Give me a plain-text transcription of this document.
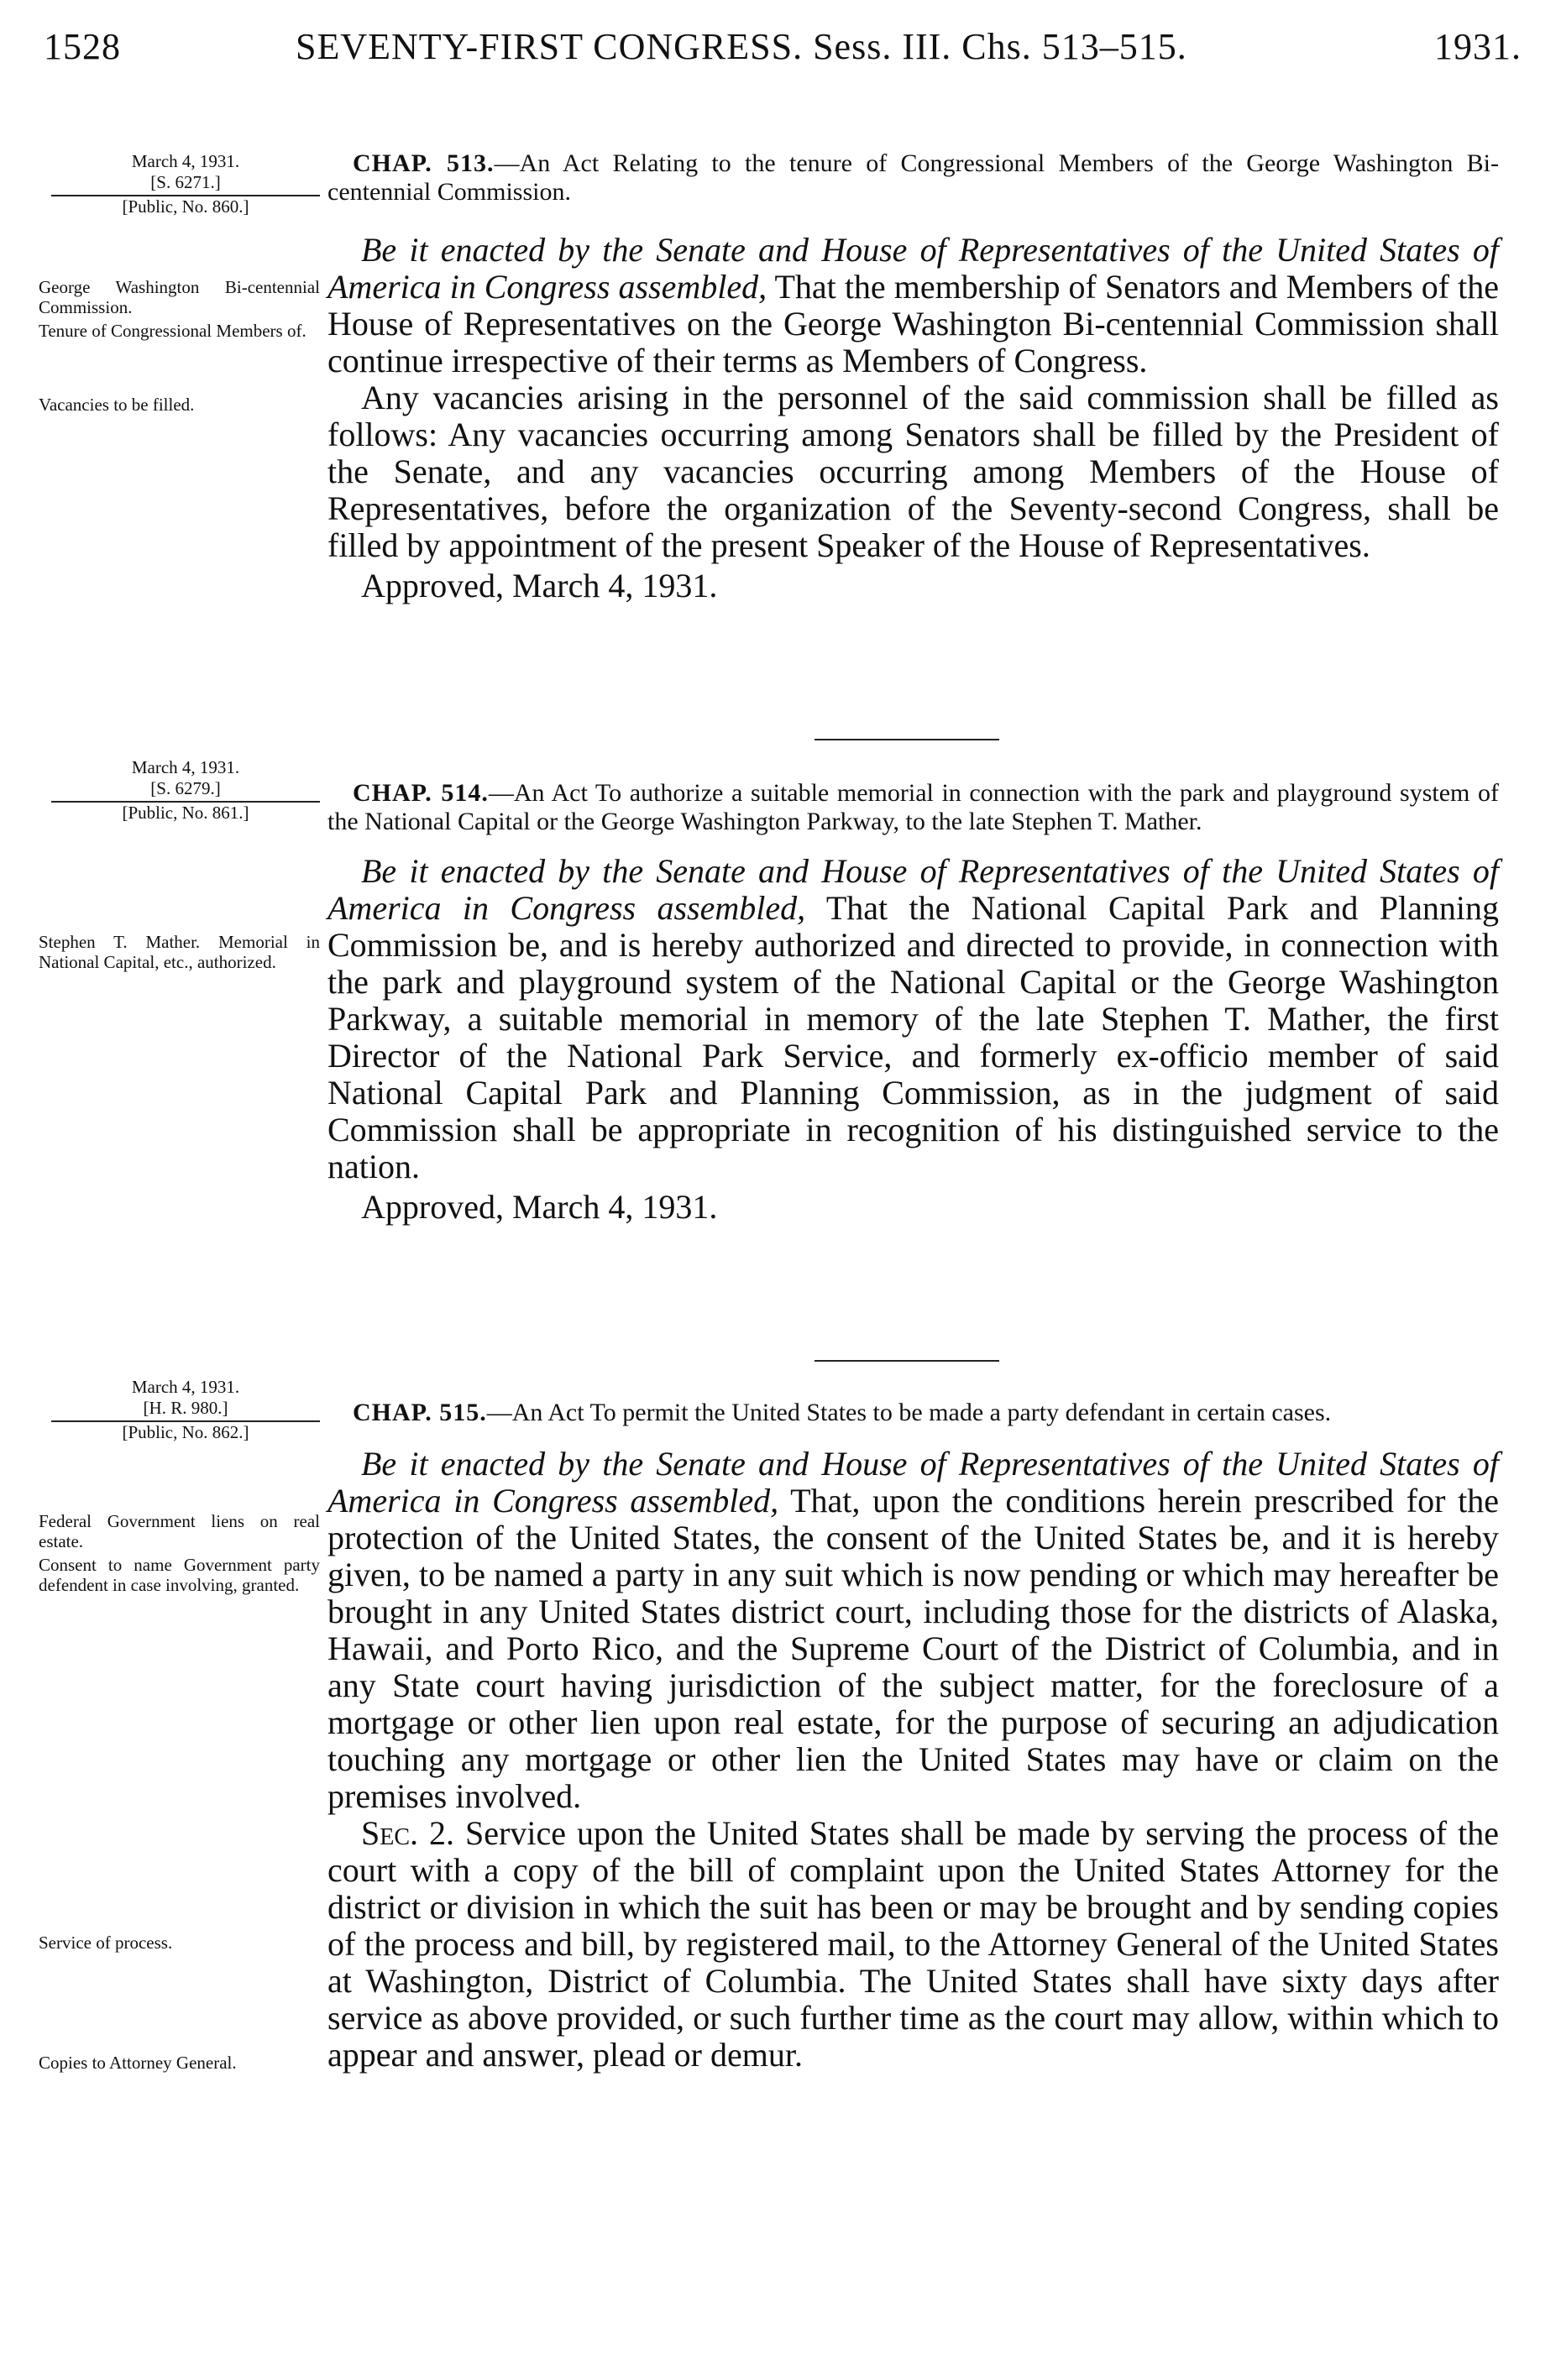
1528	SEVENTY-FIRST CONGRESS. Sess. III. Chs. 513–515.	1931.
March 4, 1931.
[S. 6271.]
[Public, No. 860.]
George Washington Bi-centennial Commission.
Tenure of Congressional Members of.
Vacancies to be filled.
CHAP. 513.—An Act Relating to the tenure of Congressional Members of the George Washington Bi-centennial Commission.

Be it enacted by the Senate and House of Representatives of the United States of America in Congress assembled, That the membership of Senators and Members of the House of Representatives on the George Washington Bi-centennial Commission shall continue irrespective of their terms as Members of Congress.

Any vacancies arising in the personnel of the said commission shall be filled as follows: Any vacancies occurring among Senators shall be filled by the President of the Senate, and any vacancies occurring among Members of the House of Representatives, before the organization of the Seventy-second Congress, shall be filled by appointment of the present Speaker of the House of Representatives.

Approved, March 4, 1931.
March 4, 1931.
[S. 6279.]
[Public, No. 861.]
Stephen T. Mather. Memorial in National Capital, etc., authorized.
CHAP. 514.—An Act To authorize a suitable memorial in connection with the park and playground system of the National Capital or the George Washington Parkway, to the late Stephen T. Mather.

Be it enacted by the Senate and House of Representatives of the United States of America in Congress assembled, That the National Capital Park and Planning Commission be, and is hereby authorized and directed to provide, in connection with the park and playground system of the National Capital or the George Washington Parkway, a suitable memorial in memory of the late Stephen T. Mather, the first Director of the National Park Service, and formerly ex-officio member of said National Capital Park and Planning Commission, as in the judgment of said Commission shall be appropriate in recognition of his distinguished service to the nation.

Approved, March 4, 1931.
March 4, 1931.
[H. R. 980.]
[Public, No. 862.]
Federal Government liens on real estate.
Consent to name Government party defendent in case involving, granted.
Service of process.
Copies to Attorney General.
CHAP. 515.—An Act To permit the United States to be made a party defendant in certain cases.

Be it enacted by the Senate and House of Representatives of the United States of America in Congress assembled, That, upon the conditions herein prescribed for the protection of the United States, the consent of the United States be, and it is hereby given, to be named a party in any suit which is now pending or which may hereafter be brought in any United States district court, including those for the districts of Alaska, Hawaii, and Porto Rico, and the Supreme Court of the District of Columbia, and in any State court having jurisdiction of the subject matter, for the foreclosure of a mortgage or other lien upon real estate, for the purpose of securing an adjudication touching any mortgage or other lien the United States may have or claim on the premises involved.

Sec. 2. Service upon the United States shall be made by serving the process of the court with a copy of the bill of complaint upon the United States Attorney for the district or division in which the suit has been or may be brought and by sending copies of the process and bill, by registered mail, to the Attorney General of the United States at Washington, District of Columbia. The United States shall have sixty days after service as above provided, or such further time as the court may allow, within which to appear and answer, plead or demur.
